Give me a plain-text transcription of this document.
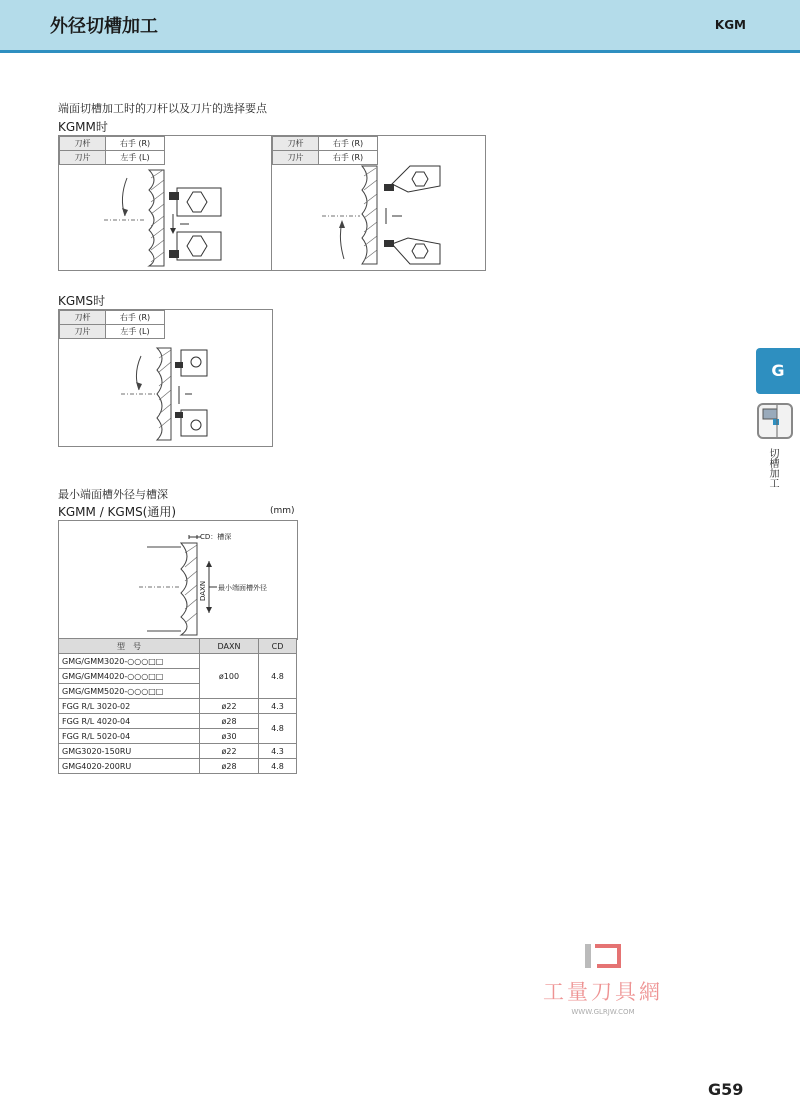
外径切槽加工	KGM
端面切槽加工时的刀杆以及刀片的选择要点
KGMM时
刀杆	右手 (R)
刀片	左手 (L)
刀杆	右手 (R)
刀片	右手 (R)
KGMS时
刀杆	右手 (R)
刀片	左手 (L)
最小端面槽外径与槽深
KGMM / KGMS(通用)	(mm)
CD：槽深
DAXN 最小端面槽外径
型　号	DAXN	CD
GMG/GMM3020-○○○□□	ø100	4.8
GMG/GMM4020-○○○□□		
GMG/GMM5020-○○○□□		
FGG R/L 3020-02	ø22	4.3
FGG R/L 4020-04	ø28	4.8
FGG R/L 5020-04	ø30	
GMG3020-150RU	ø22	4.3
GMG4020-200RU	ø28	4.8
G
切槽加工
工量刀具網
WWW.GLRJW.COM
G59
